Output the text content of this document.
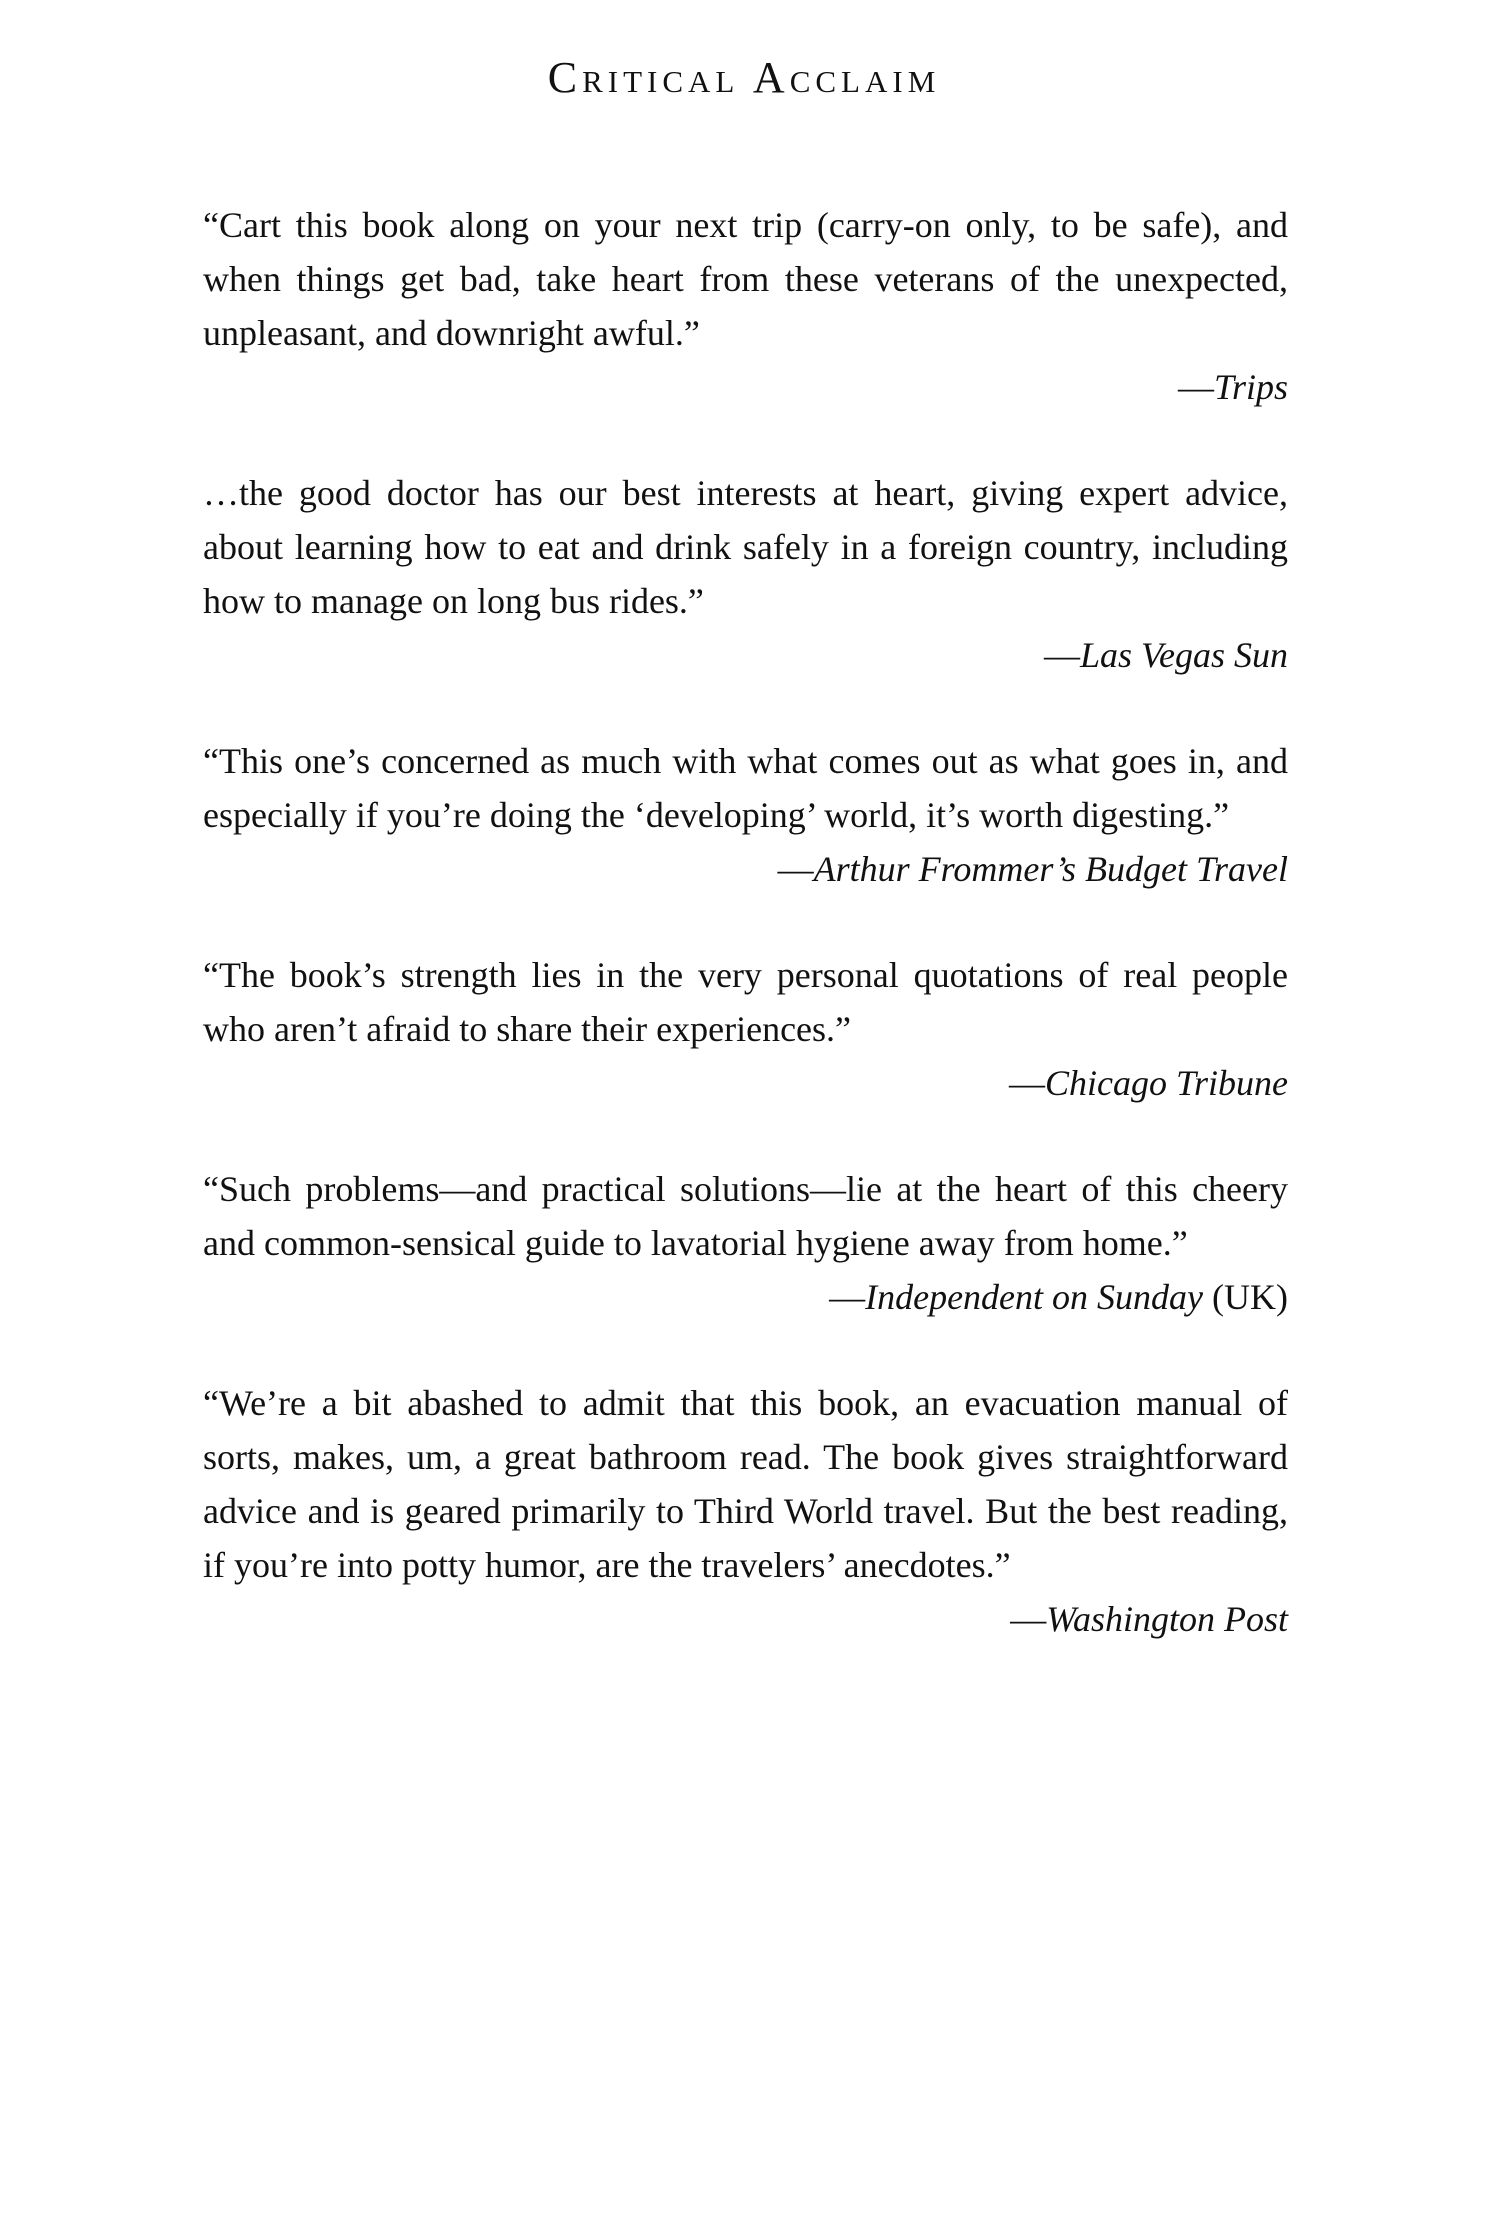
Critical Acclaim

“Cart this book along on your next trip (carry-on only, to be safe), and when things get bad, take heart from these veterans of the unexpected, unpleasant, and downright awful.”

—Trips

…the good doctor has our best interests at heart, giving expert advice, about learning how to eat and drink safely in a foreign country, including how to manage on long bus rides.”

—Las Vegas Sun

“This one’s concerned as much with what comes out as what goes in, and especially if you’re doing the ‘developing’ world, it’s worth digesting.”

—Arthur Frommer’s Budget Travel

“The book’s strength lies in the very personal quotations of real people who aren’t afraid to share their experiences.”

—Chicago Tribune

“Such problems—and practical solutions—lie at the heart of this cheery and common-sensical guide to lavatorial hygiene away from home.”

—Independent on Sunday (UK)

“We’re a bit abashed to admit that this book, an evacuation manual of sorts, makes, um, a great bathroom read. The book gives straightforward advice and is geared primarily to Third World travel. But the best reading, if you’re into potty humor, are the travelers’ anecdotes.”

—Washington Post
